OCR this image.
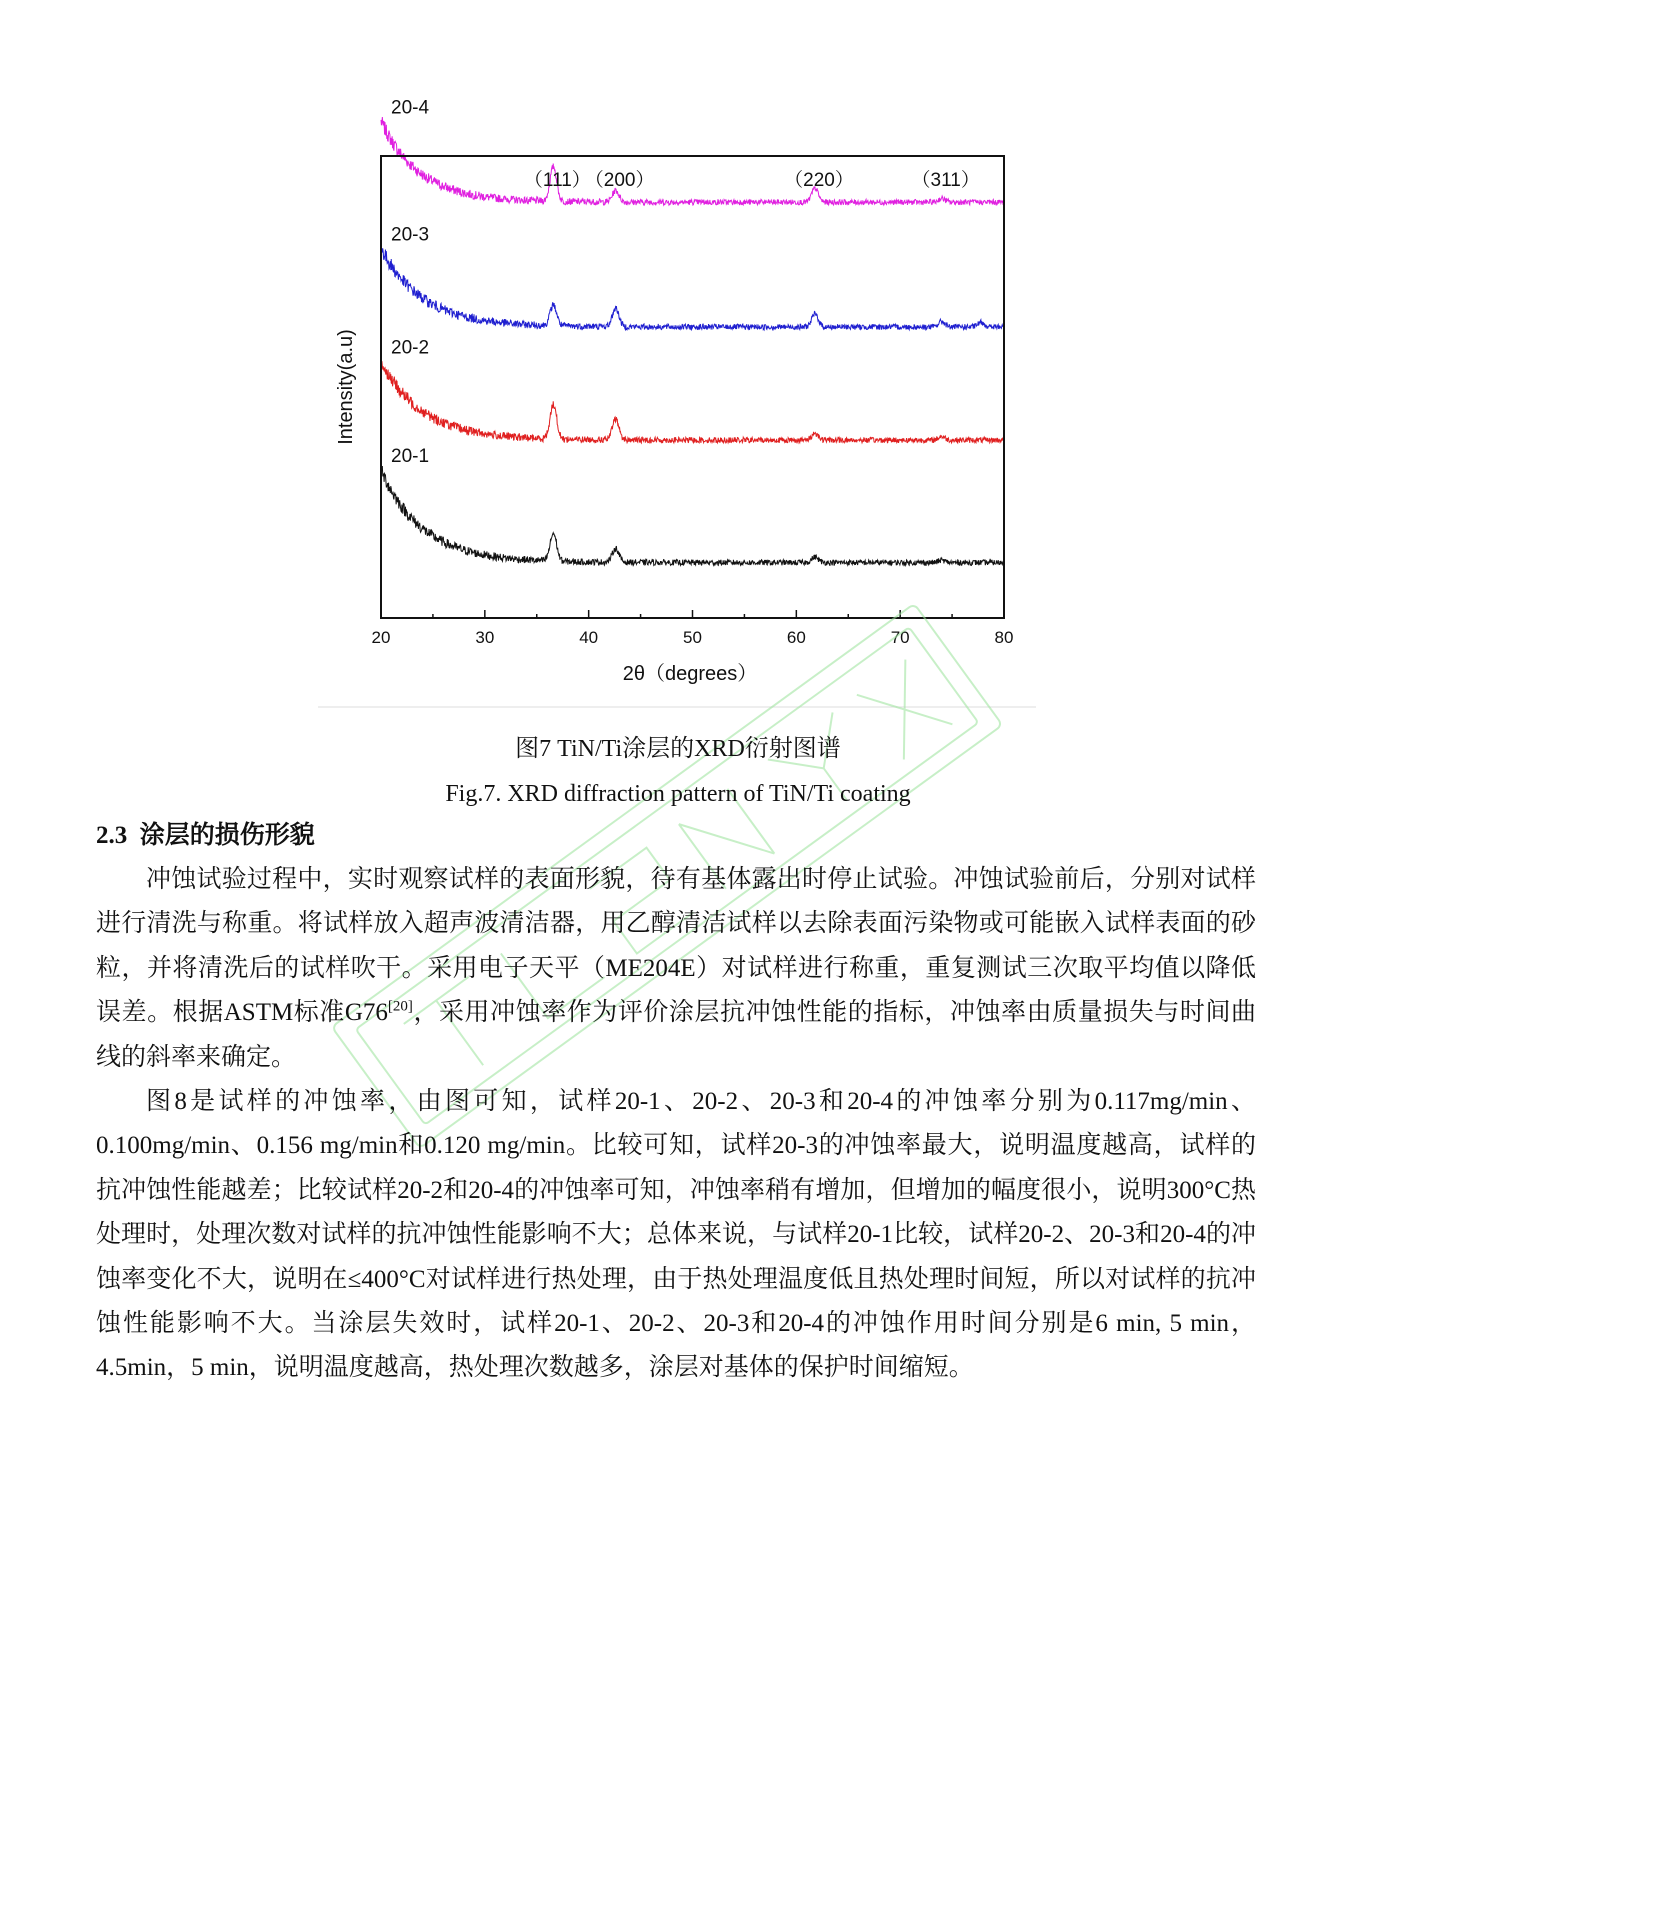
20	30	40	50	60	70	80
20-4
20-3
20-2
20-1
（111）
（200）	（220）	（311）
2θ（degrees）
Intensity(a.u)
图7 TiN/Ti涂层的XRD衍射图谱
Fig.7. XRD diffraction pattern of TiN/Ti coating
2.3 涂层的损伤形貌

冲蚀试验过程中，实时观察试样的表面形貌，待有基体露出时停止试验。冲蚀试验前后，分别对试样进行清洗与称重。将试样放入超声波清洁器，用乙醇清洁试样以去除表面污染物或可能嵌入试样表面的砂粒，并将清洗后的试样吹干。采用电子天平（ME204E）对试样进行称重，重复测试三次取平均值以降低误差。根据ASTM标准G76[20]，采用冲蚀率作为评价涂层抗冲蚀性能的指标，冲蚀率由质量损失与时间曲线的斜率来确定。

图8是试样的冲蚀率，由图可知，试样20-1、20-2、20-3和20-4的冲蚀率分别为0.117mg/min、0.100mg/min、0.156 mg/min和0.120 mg/min。比较可知，试样20-3的冲蚀率最大，说明温度越高，试样的抗冲蚀性能越差；比较试样20-2和20-4的冲蚀率可知，冲蚀率稍有增加，但增加的幅度很小，说明300°C热处理时，处理次数对试样的抗冲蚀性能影响不大；总体来说，与试样20-1比较，试样20-2、20-3和20-4的冲蚀率变化不大，说明在≤400°C对试样进行热处理，由于热处理温度低且热处理时间短，所以对试样的抗冲蚀性能影响不大。当涂层失效时，试样20-1、20-2、20-3和20-4的冲蚀作用时间分别是6 min, 5 min，4.5min，5 min，说明温度越高，热处理次数越多，涂层对基体的保护时间缩短。
